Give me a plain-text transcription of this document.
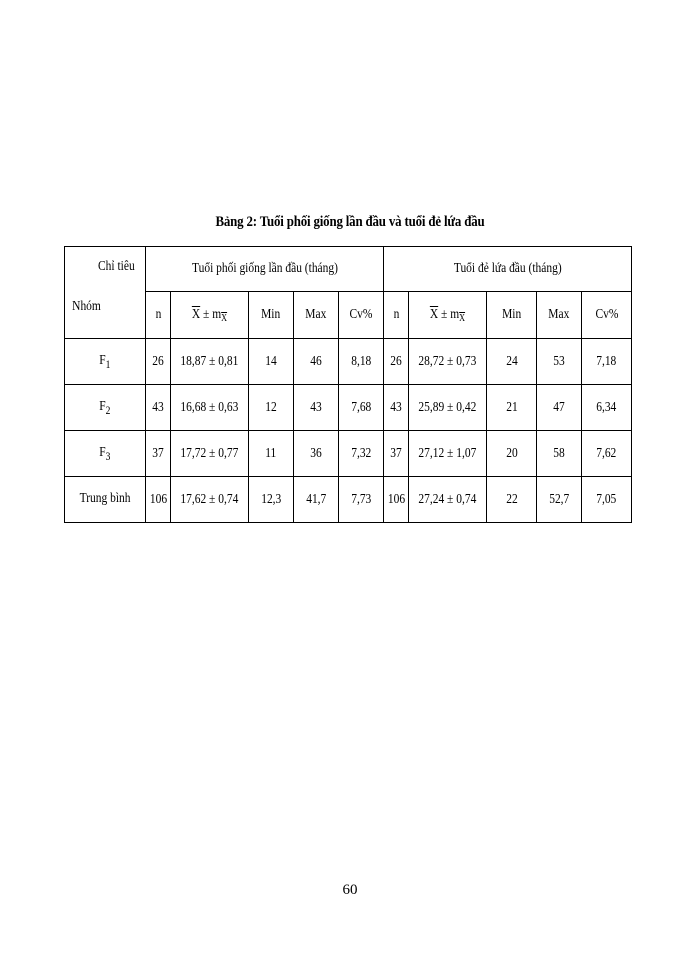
Bảng 2: Tuổi phối giống lần đầu và tuổi đẻ lứa đầu
Chỉ tiêu
Nhóm	Tuổi phối giống lần đầu (tháng)					Tuổi đẻ lứa đầu (tháng)				
	n	$\overline{X} \pm m_{\overline{X}}$	Min	Max	Cv%	n	$\overline{X} \pm m_{\overline{X}}$	Min	Max	Cv%
$F_1$	26	18,87 ± 0,81	14	46	8,18	26	28,72 ± 0,73	24	53	7,18
$F_2$	43	16,68 ± 0,63	12	43	7,68	43	25,89 ± 0,42	21	47	6,34
$F_3$	37	17,72 ± 0,77	11	36	7,32	37	27,12 ± 1,07	20	58	7,62
Trung bình	106	17,62 ± 0,74	12,3	41,7	7,73	106	27,24 ± 0,74	22	52,7	7,05
60
